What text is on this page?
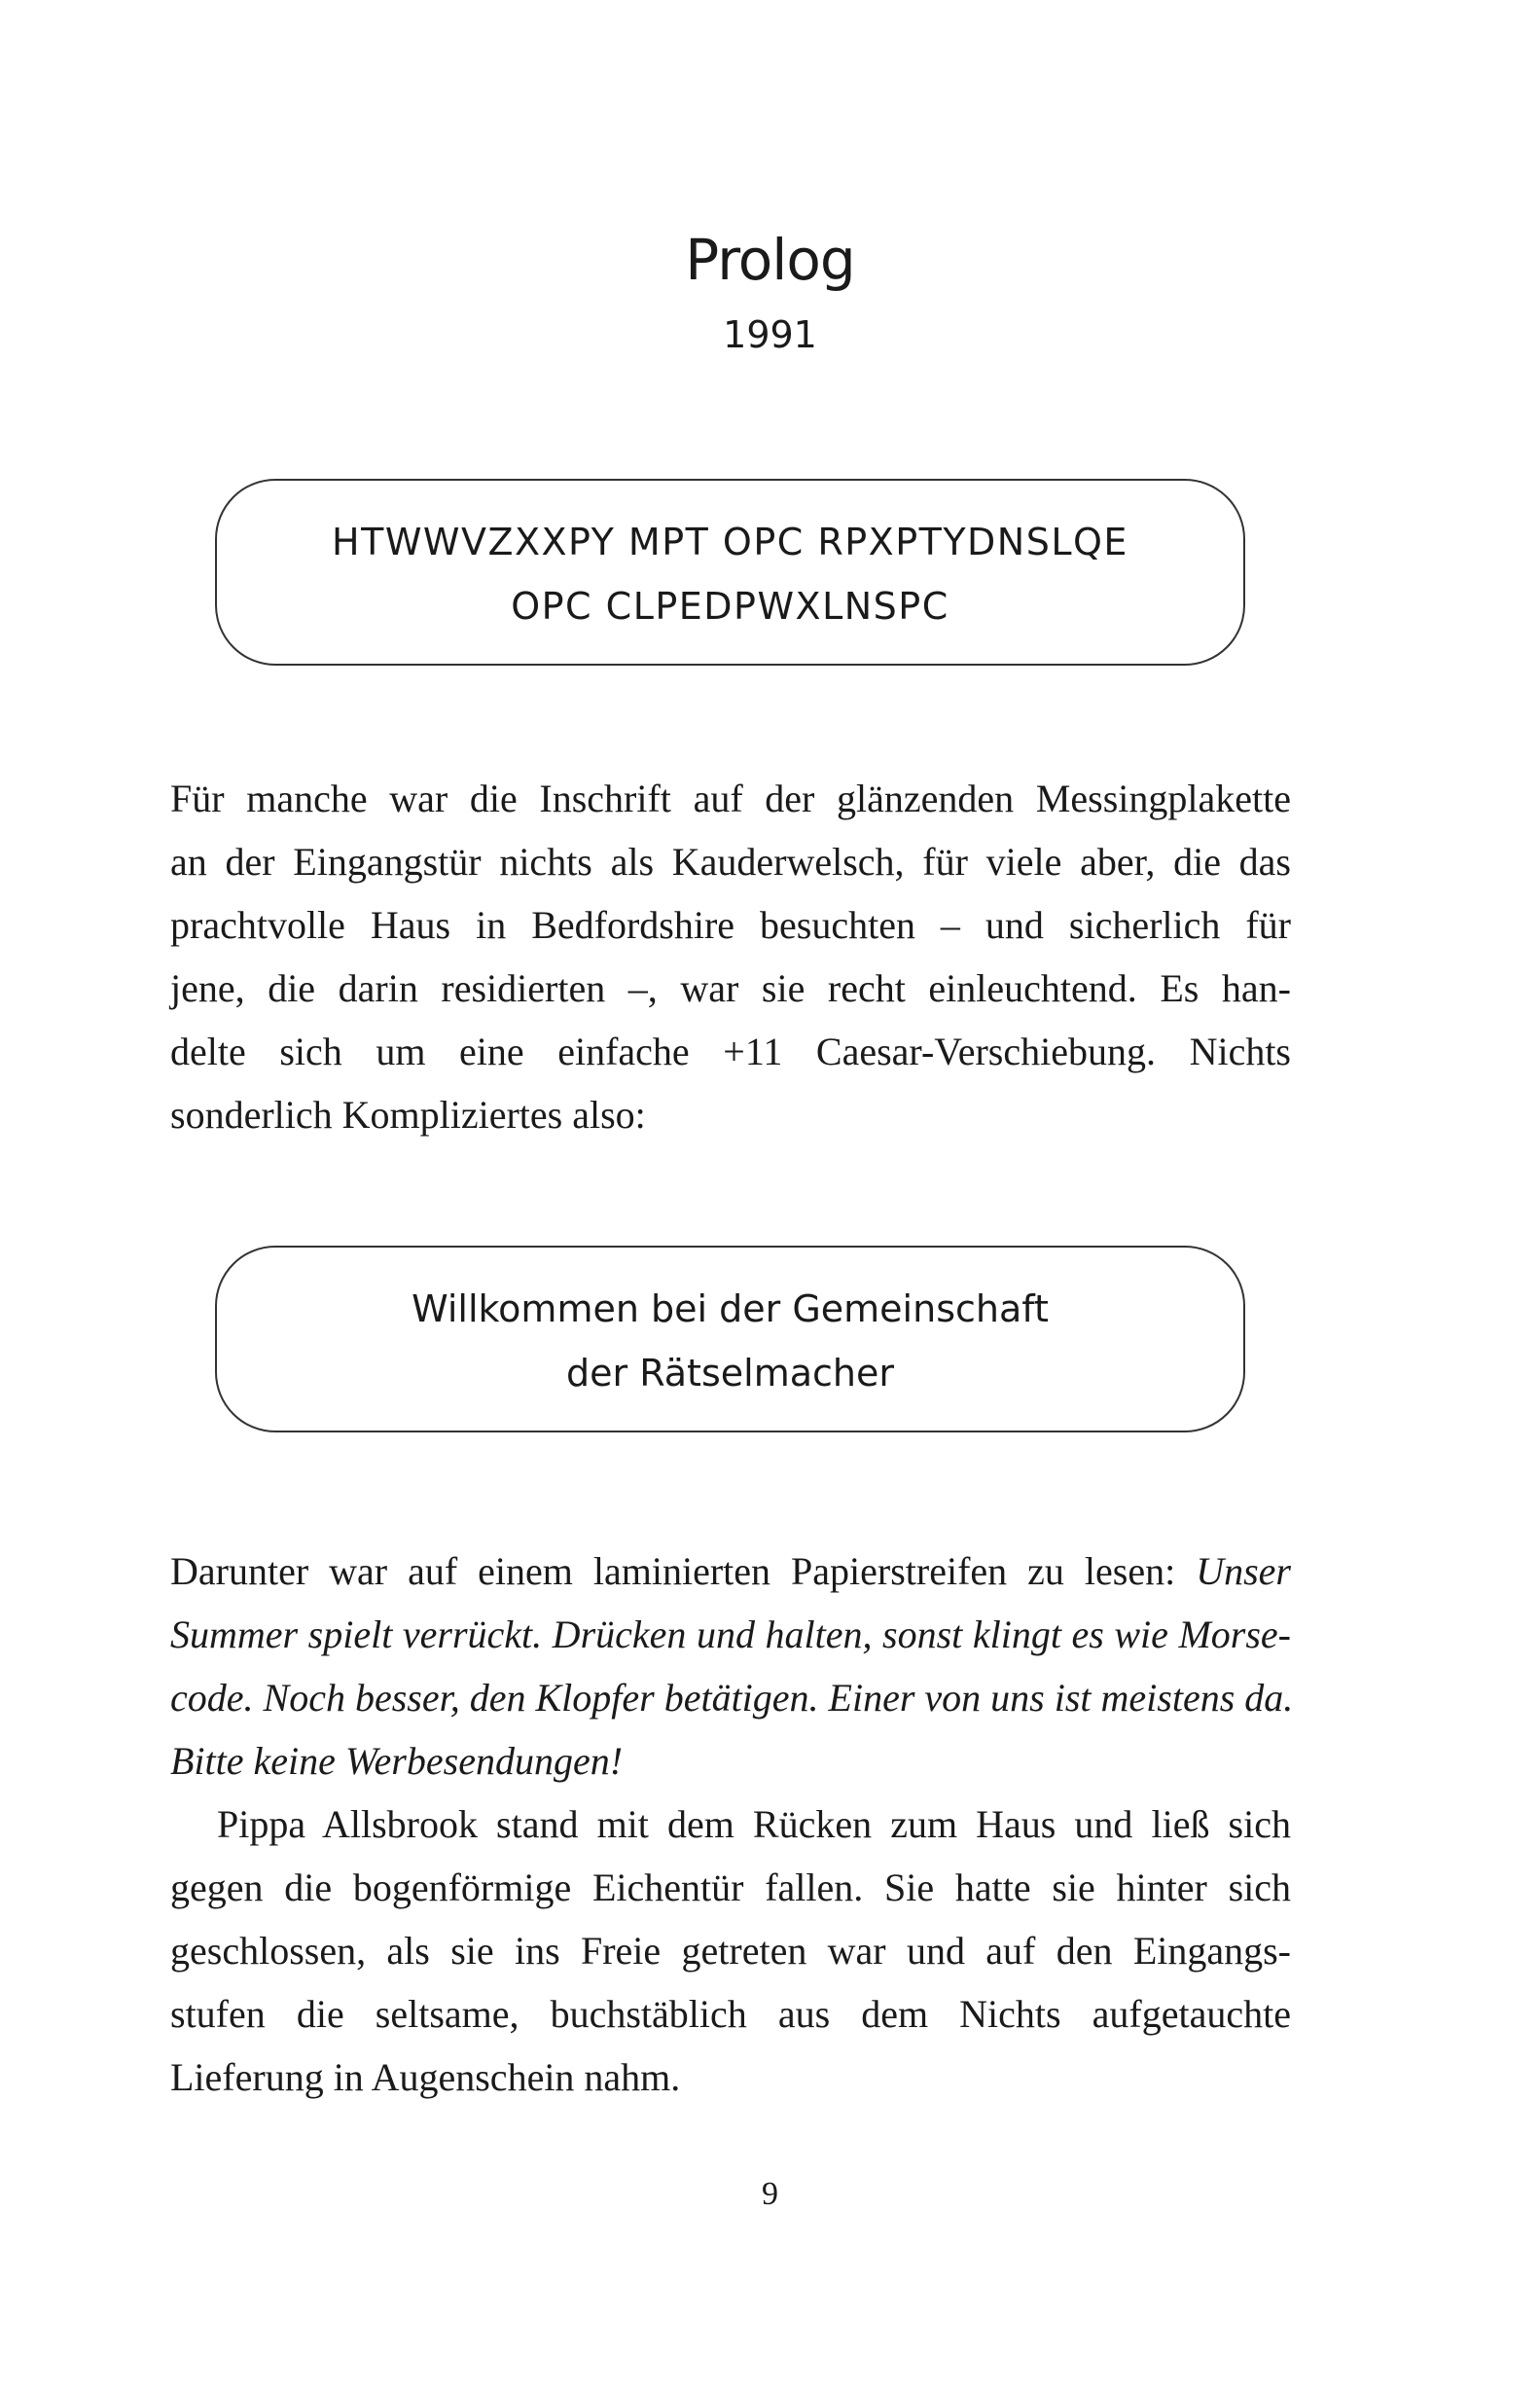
Prolog
1991
HTWWVZXXPY MPT OPC RPXPTYDNSLQE
OPC CLPEDPWXLNSPC
Für manche war die Inschrift auf der glänzenden Messingplakette
an der Eingangstür nichts als Kauderwelsch, für viele aber, die das
prachtvolle Haus in Bedfordshire besuchten – und sicherlich für
jene, die darin residierten –, war sie recht einleuchtend. Es han-
delte sich um eine einfache +11 Caesar-Verschiebung. Nichts
sonderlich Kompliziertes also:
Willkommen bei der Gemeinschaft
der Rätselmacher
Darunter war auf einem laminierten Papierstreifen zu lesen: Unser
Summer spielt verrückt. Drücken und halten, sonst klingt es wie Morse-
code. Noch besser, den Klopfer betätigen. Einer von uns ist meistens da.
Bitte keine Werbesendungen!
Pippa Allsbrook stand mit dem Rücken zum Haus und ließ sich
gegen die bogenförmige Eichentür fallen. Sie hatte sie hinter sich
geschlossen, als sie ins Freie getreten war und auf den Eingangs-
stufen die seltsame, buchstäblich aus dem Nichts aufgetauchte
Lieferung in Augenschein nahm.
9
